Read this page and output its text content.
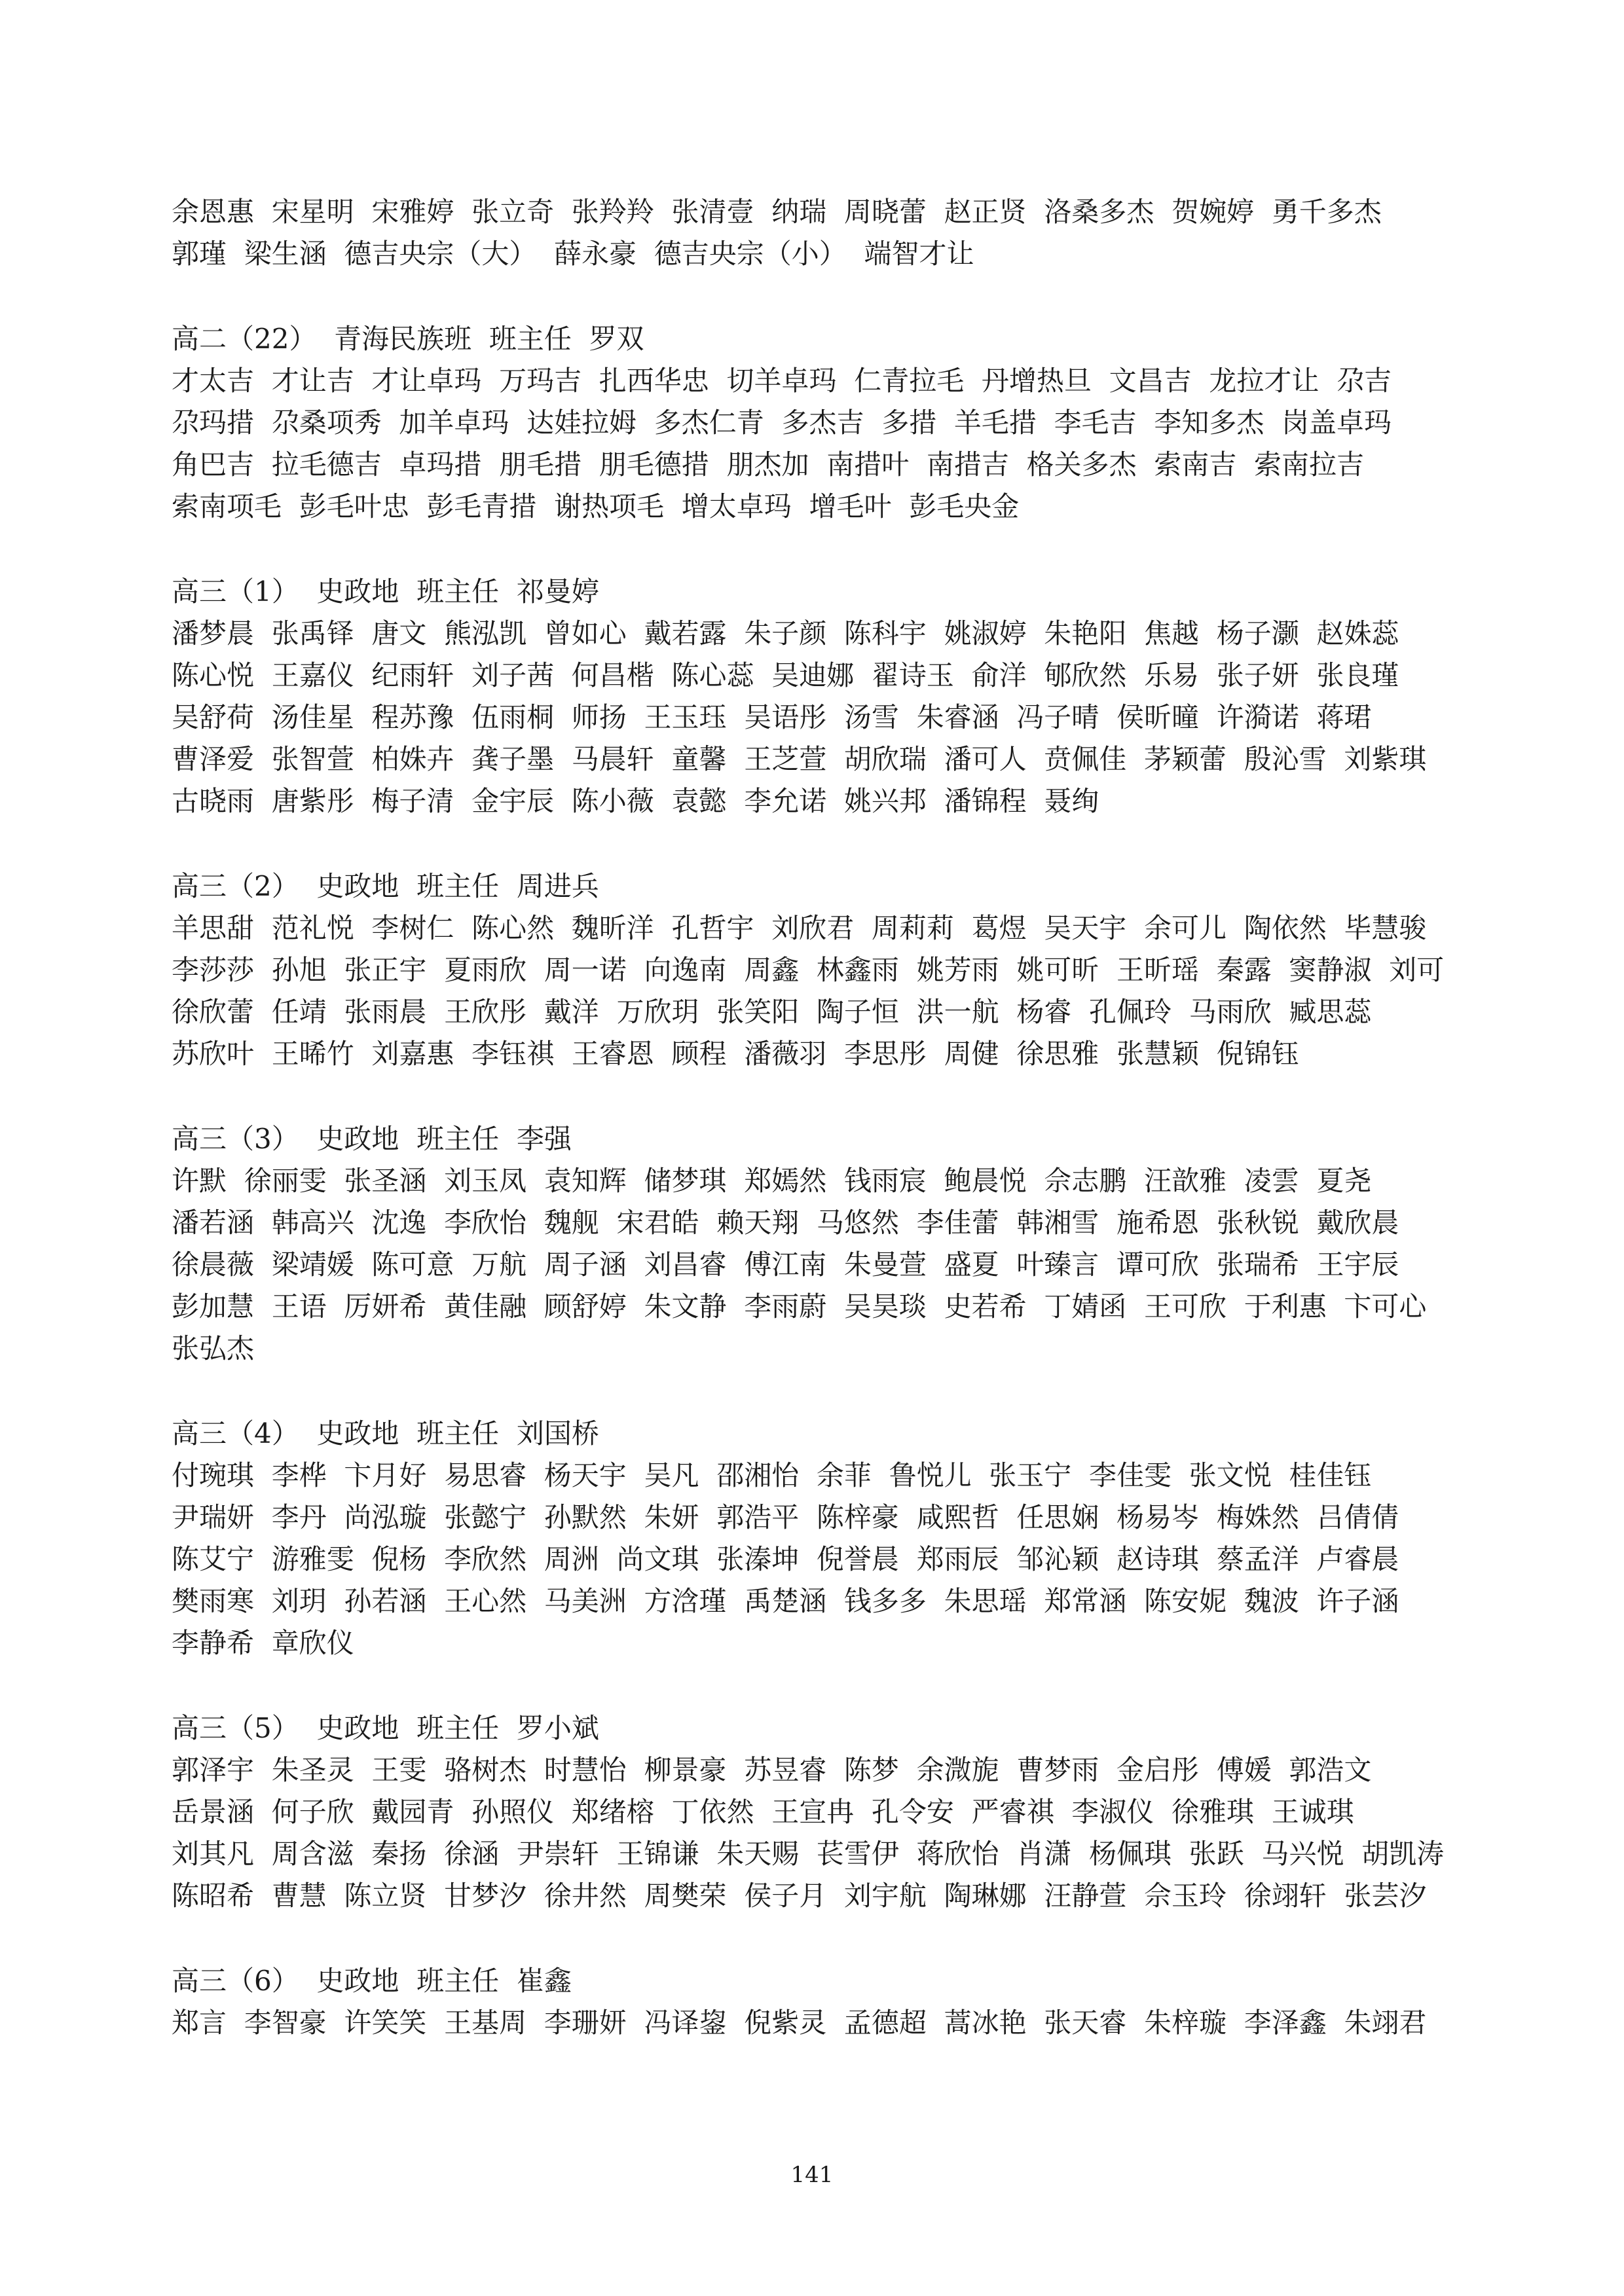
余恩惠  宋星明  宋雅婷  张立奇  张羚羚  张清壹  纳瑞  周晓蕾  赵正贤  洛桑多杰  贺婉婷  勇千多杰
郭瑾  梁生涵  德吉央宗（大）  薛永豪  德吉央宗（小）  端智才让
高二（22）  青海民族班  班主任  罗双
才太吉  才让吉  才让卓玛  万玛吉  扎西华忠  切羊卓玛  仁青拉毛  丹增热旦  文昌吉  龙拉才让  尕吉
尕玛措  尕桑项秀  加羊卓玛  达娃拉姆  多杰仁青  多杰吉  多措  羊毛措  李毛吉  李知多杰  岗盖卓玛
角巴吉  拉毛德吉  卓玛措  朋毛措  朋毛德措  朋杰加  南措叶  南措吉  格关多杰  索南吉  索南拉吉
索南项毛  彭毛叶忠  彭毛青措  谢热项毛  增太卓玛  增毛叶  彭毛央金
高三（1）  史政地  班主任  祁曼婷
潘梦晨  张禹铎  唐文  熊泓凯  曾如心  戴若露  朱子颜  陈科宇  姚淑婷  朱艳阳  焦越  杨子灏  赵姝蕊
陈心悦  王嘉仪  纪雨轩  刘子茜  何昌楷  陈心蕊  吴迪娜  翟诗玉  俞洋  郇欣然  乐易  张子妍  张良瑾
吴舒荷  汤佳星  程苏豫  伍雨桐  师扬  王玉珏  吴语彤  汤雪  朱睿涵  冯子晴  侯昕曈  许漪诺  蒋珺
曹泽爱  张智萱  柏姝卉  龚子墨  马晨轩  童馨  王芝萱  胡欣瑞  潘可人  贲佩佳  茅颖蕾  殷沁雪  刘紫琪
古晓雨  唐紫彤  梅子清  金宇辰  陈小薇  袁懿  李允诺  姚兴邦  潘锦程  聂绚
高三（2）  史政地  班主任  周进兵
羊思甜  范礼悦  李树仁  陈心然  魏昕洋  孔哲宇  刘欣君  周莉莉  葛煜  吴天宇  余可儿  陶依然  毕慧骏
李莎莎  孙旭  张正宇  夏雨欣  周一诺  向逸南  周鑫  林鑫雨  姚芳雨  姚可昕  王昕瑶  秦露  窦静淑  刘可
徐欣蕾  任靖  张雨晨  王欣彤  戴洋  万欣玥  张笑阳  陶子恒  洪一航  杨睿  孔佩玲  马雨欣  臧思蕊
苏欣叶  王晞竹  刘嘉惠  李钰祺  王睿恩  顾程  潘薇羽  李思彤  周健  徐思雅  张慧颖  倪锦钰
高三（3）  史政地  班主任  李强
许默  徐丽雯  张圣涵  刘玉凤  袁知辉  储梦琪  郑嫣然  钱雨宸  鲍晨悦  佘志鹏  汪歆雅  凌雲  夏尧
潘若涵  韩高兴  沈逸  李欣怡  魏舰  宋君皓  赖天翔  马悠然  李佳蕾  韩湘雪  施希恩  张秋锐  戴欣晨
徐晨薇  梁靖媛  陈可意  万航  周子涵  刘昌睿  傅江南  朱曼萱  盛夏  叶臻言  谭可欣  张瑞希  王宇辰
彭加慧  王语  厉妍希  黄佳融  顾舒婷  朱文静  李雨蔚  吴昊琰  史若希  丁婧函  王可欣  于利惠  卞可心
张弘杰
高三（4）  史政地  班主任  刘国桥
付琬琪  李桦  卞月好  易思睿  杨天宇  吴凡  邵湘怡  余菲  鲁悦儿  张玉宁  李佳雯  张文悦  桂佳钰
尹瑞妍  李丹  尚泓璇  张懿宁  孙默然  朱妍  郭浩平  陈梓豪  咸熙哲  任思娴  杨易岑  梅姝然  吕倩倩
陈艾宁  游雅雯  倪杨  李欣然  周洲  尚文琪  张溱坤  倪誉晨  郑雨辰  邹沁颖  赵诗琪  蔡孟洋  卢睿晨
樊雨寒  刘玥  孙若涵  王心然  马美洲  方浛瑾  禹楚涵  钱多多  朱思瑶  郑常涵  陈安妮  魏波  许子涵
李静希  章欣仪
高三（5）  史政地  班主任  罗小斌
郭泽宇  朱圣灵  王雯  骆树杰  时慧怡  柳景豪  苏昱睿  陈梦  余溦旎  曹梦雨  金启彤  傅媛  郭浩文
岳景涵  何子欣  戴园青  孙照仪  郑绪榕  丁依然  王宣冉  孔令安  严睿祺  李淑仪  徐雅琪  王诚琪
刘其凡  周含滋  秦扬  徐涵  尹崇轩  王锦谦  朱天赐  苌雪伊  蒋欣怡  肖潇  杨佩琪  张跃  马兴悦  胡凯涛
陈昭希  曹慧  陈立贤  甘梦汐  徐井然  周樊荣  侯子月  刘宇航  陶琳娜  汪静萱  佘玉玲  徐翊轩  张芸汐
高三（6）  史政地  班主任  崔鑫
郑言  李智豪  许笑笑  王基周  李珊妍  冯译鋆  倪紫灵  孟德超  蒿冰艳  张天睿  朱梓璇  李泽鑫  朱翊君
141
